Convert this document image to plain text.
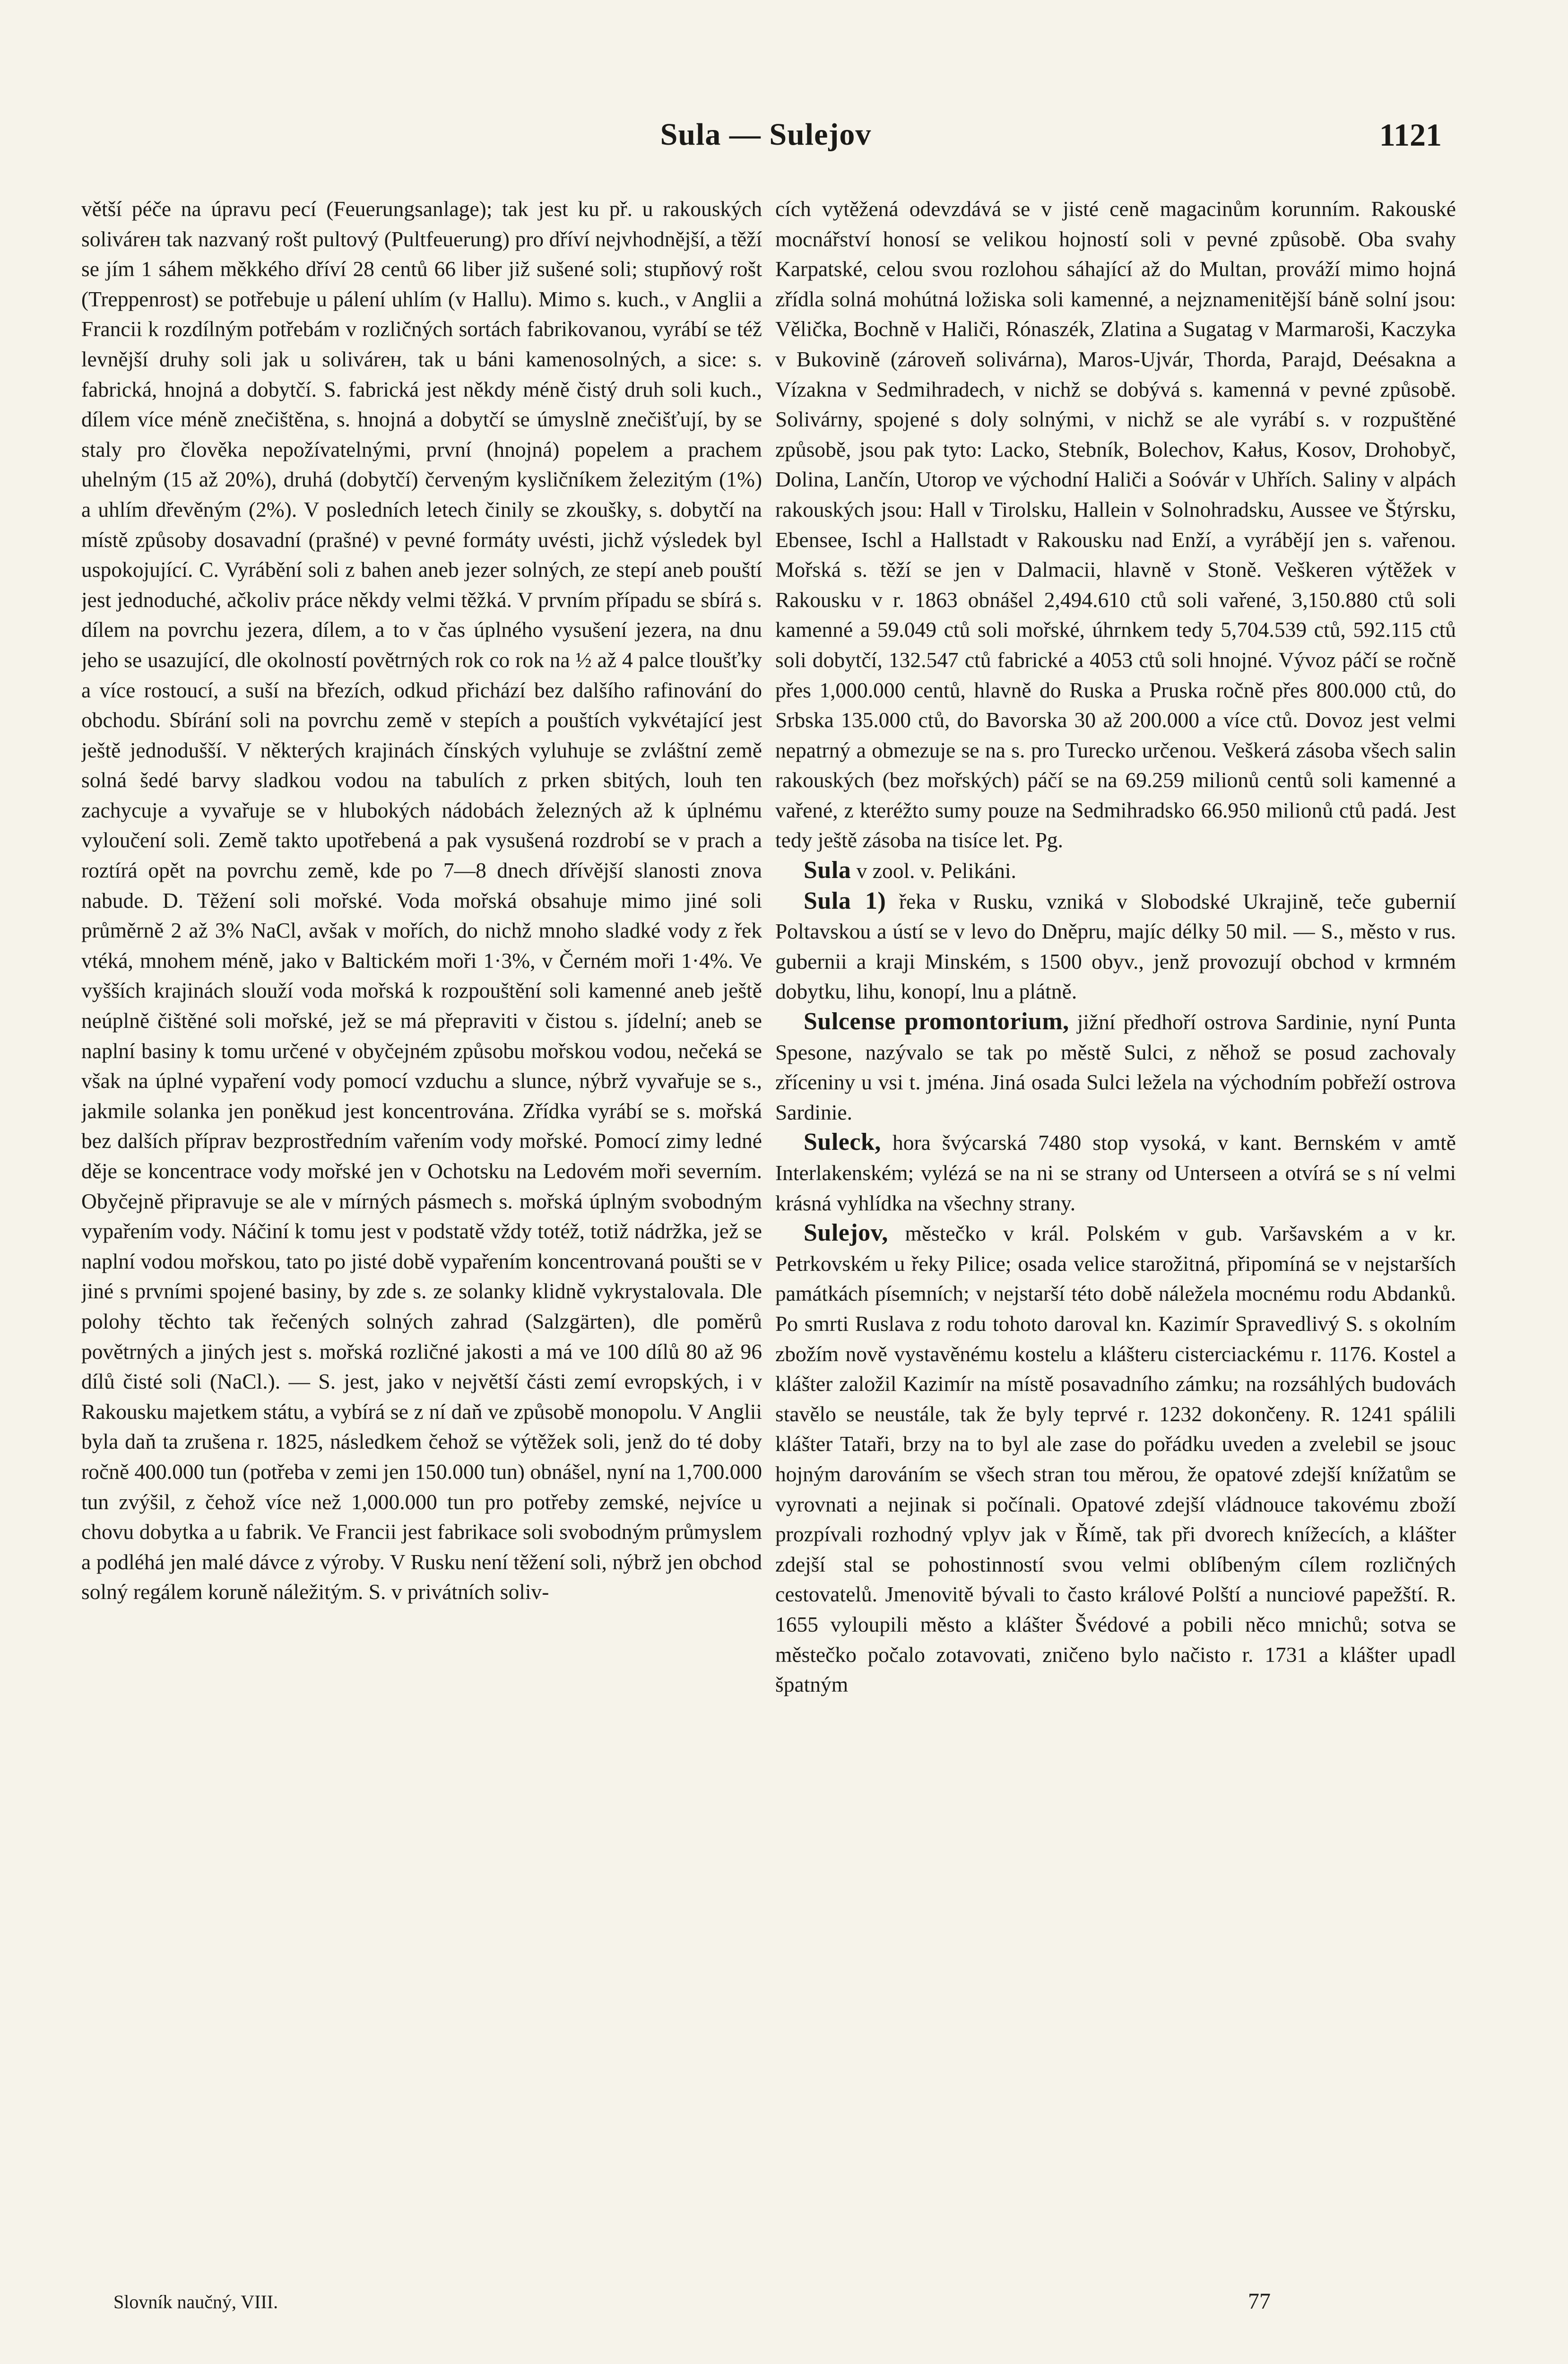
Sula — Sulejov	1121

větší péče na úpravu pecí (Feuerungsanlage); tak jest ku př. u rakouských solivárен tak nazvaný rošt pultový (Pultfeuerung) pro dříví nejvhodnější, a těží se jím 1 sáhem měkkého dříví 28 centů 66 liber již sušené soli; stupňový rošt (Treppenrost) se potřebuje u pálení uhlím (v Hallu). Mimo s. kuch., v Anglii a Francii k rozdílným potřebám v rozličných sortách fabrikovanou, vyrábí se též levnější druhy soli jak u solivárен, tak u báni kamenosolných, a sice: s. fabrická, hnojná a dobytčí. S. fabrická jest někdy méně čistý druh soli kuch., dílem více méně znečištěna, s. hnojná a dobytčí se úmyslně znečišťují, by se staly pro člověka nepožívatelnými, první (hnojná) popelem a prachem uhelným (15 až 20%), druhá (dobytčí) červeným kysličníkem železitým (1%) a uhlím dřevěným (2%). V posledních letech činily se zkoušky, s. dobytčí na místě způsoby dosavadní (prašné) v pevné formáty uvésti, jichž výsledek byl uspokojující. C. Vyrábění soli z bahen aneb jezer solných, ze stepí aneb pouští jest jednoduché, ačkoliv práce někdy velmi těžká. V prvním případu se sbírá s. dílem na povrchu jezera, dílem, a to v čas úplného vysušení jezera, na dnu jeho se usazující, dle okolností povětrných rok co rok na ½ až 4 palce tloušťky a více rostoucí, a suší na březích, odkud přichází bez dalšího rafinování do obchodu. Sbírání soli na povrchu země v stepích a pouštích vykvétající jest ještě jednodušší. V některých krajinách čínských vyluhuje se zvláštní země solná šedé barvy sladkou vodou na tabulích z prken sbitých, louh ten zachycuje a vyvařuje se v hlubokých nádobách železných až k úplnému vyloučení soli. Země takto upotřebená a pak vysušená rozdrobí se v prach a roztírá opět na povrchu země, kde po 7—8 dnech dřívější slanosti znova nabude. D. Těžení soli mořské. Voda mořská obsahuje mimo jiné soli průměrně 2 až 3% NaCl, avšak v mořích, do nichž mnoho sladké vody z řek vtéká, mnohem méně, jako v Baltickém moři 1·3%, v Černém moři 1·4%. Ve vyšších krajinách slouží voda mořská k rozpouštění soli kamenné aneb ještě neúplně čištěné soli mořské, jež se má přepraviti v čistou s. jídelní; aneb se naplní basiny k tomu určené v obyčejném způsobu mořskou vodou, nečeká se však na úplné vypaření vody pomocí vzduchu a slunce, nýbrž vyvařuje se s., jakmile solanka jen poněkud jest koncentrována. Zřídka vyrábí se s. mořská bez dalších příprav bezprostředním vařením vody mořské. Pomocí zimy ledné děje se koncentrace vody mořské jen v Ochotsku na Ledovém moři severním. Obyčejně připravuje se ale v mírných pásmech s. mořská úplným svobodným vypařením vody. Náčiní k tomu jest v podstatě vždy totéž, totiž nádržka, jež se naplní vodou mořskou, tato po jisté době vypařením koncentrovaná poušti se v jiné s prvními spojené basiny, by zde s. ze solanky klidně vykrystalovala. Dle polohy těchto tak řečených solných zahrad (Salzgärten), dle poměrů povětrných a jiných jest s. mořská rozličné jakosti a má ve 100 dílů 80 až 96 dílů čisté soli (NaCl.). — S. jest, jako v největší části zemí evropských, i v Rakousku majetkem státu, a vybírá se z ní daň ve způsobě monopolu. V Anglii byla daň ta zrušena r. 1825, následkem čehož se výtěžek soli, jenž do té doby ročně 400.000 tun (potřeba v zemi jen 150.000 tun) obnášel, nyní na 1,700.000 tun zvýšil, z čehož více než 1,000.000 tun pro potřeby zemské, nejvíce u chovu dobytka a u fabrik. Ve Francii jest fabrikace soli svobodným průmyslem a podléhá jen malé dávce z výroby. V Rusku není těžení soli, nýbrž jen obchod solný regálem koruně náležitým. S. v privátních soliv-

cích vytěžená odevzdává se v jisté ceně magacinům korunním. Rakouské mocnářství honosí se velikou hojností soli v pevné způsobě. Oba svahy Karpatské, celou svou rozlohou sáhající až do Multan, prováží mimo hojná zřídla solná mohútná ložiska soli kamenné, a nejznamenitější báně solní jsou: Vělička, Bochně v Haliči, Rónaszék, Zlatina a Sugatag v Marmaroši, Kaczyka v Bukovině (zároveň solivárna), Maros-Ujvár, Thorda, Parajd, Deésakna a Vízakna v Sedmihradech, v nichž se dobývá s. kamenná v pevné způsobě. Solivárny, spojené s doly solnými, v nichž se ale vyrábí s. v rozpuštěné způsobě, jsou pak tyto: Lacko, Stebník, Bolechov, Kałus, Kosov, Drohobyč, Dolina, Lančín, Utorop ve východní Haliči a Soóvár v Uhřích. Saliny v alpách rakouských jsou: Hall v Tirolsku, Hallein v Solnohradsku, Aussee ve Štýrsku, Ebensee, Ischl a Hallstadt v Rakousku nad Enží, a vyrábějí jen s. vařenou. Mořská s. těží se jen v Dalmacii, hlavně v Stoně. Veškeren výtěžek v Rakousku v r. 1863 obnášel 2,494.610 ctů soli vařené, 3,150.880 ctů soli kamenné a 59.049 ctů soli mořské, úhrnkem tedy 5,704.539 ctů, 592.115 ctů soli dobytčí, 132.547 ctů fabrické a 4053 ctů soli hnojné. Vývoz páčí se ročně přes 1,000.000 centů, hlavně do Ruska a Pruska ročně přes 800.000 ctů, do Srbska 135.000 ctů, do Bavorska 30 až 200.000 a více ctů. Dovoz jest velmi nepatrný a obmezuje se na s. pro Turecko určenou. Veškerá zásoba všech salin rakouských (bez mořských) páčí se na 69.259 milionů centů soli kamenné a vařené, z kteréžto sumy pouze na Sedmihradsko 66.950 milionů ctů padá. Jest tedy ještě zásoba na tisíce let. Pg.

Sula v zool. v. Pelikáni.

Sula 1) řeka v Rusku, vzniká v Slobodské Ukrajině, teče gubernií Poltavskou a ústí se v levo do Dněpru, majíc délky 50 mil. — S., město v rus. gubernii a kraji Minském, s 1500 obyv., jenž provozují obchod v krmném dobytku, lihu, konopí, lnu a plátně.

Sulcense promontorium, jižní předhoří ostrova Sardinie, nyní Punta Spesone, nazývalo se tak po městě Sulci, z něhož se posud zachovaly zříceniny u vsi t. jména. Jiná osada Sulci ležela na východním pobřeží ostrova Sardinie.

Suleck, hora švýcarská 7480 stop vysoká, v kant. Bernském v amtě Interlakenském; vylézá se na ni se strany od Unterseen a otvírá se s ní velmi krásná vyhlídka na všechny strany.

Sulejov, městečko v král. Polském v gub. Varšavském a v kr. Petrkovském u řeky Pilice; osada velice starožitná, připomíná se v nejstarších památkách písemních; v nejstarší této době náležela mocnému rodu Abdanků. Po smrti Ruslava z rodu tohoto daroval kn. Kazimír Spravedlivý S. s okolním zbožím nově vystavěnému kostelu a klášteru cisterciackému r. 1176. Kostel a klášter založil Kazimír na místě posavadního zámku; na rozsáhlých budovách stavělo se neustále, tak že byly teprvé r. 1232 dokončeny. R. 1241 spálili klášter Tataři, brzy na to byl ale zase do pořádku uveden a zvelebil se jsouc hojným darováním se všech stran tou měrou, že opatové zdejší knížatům se vyrovnati a nejinak si počínali. Opatové zdejší vládnouce takovému zboží prozpívali rozhodný vplyv jak v Římě, tak při dvorech knížecích, a klášter zdejší stal se pohostinností svou velmi oblíbeným cílem rozličných cestovatelů. Jmenovitě bývali to často králové Polští a nunciové papežští. R. 1655 vyloupili město a klášter Švédové a pobili něco mnichů; sotva se městečko počalo zotavovati, zničeno bylo načisto r. 1731 a klášter upadl špatným

Slovník naučný, VIII.	77
